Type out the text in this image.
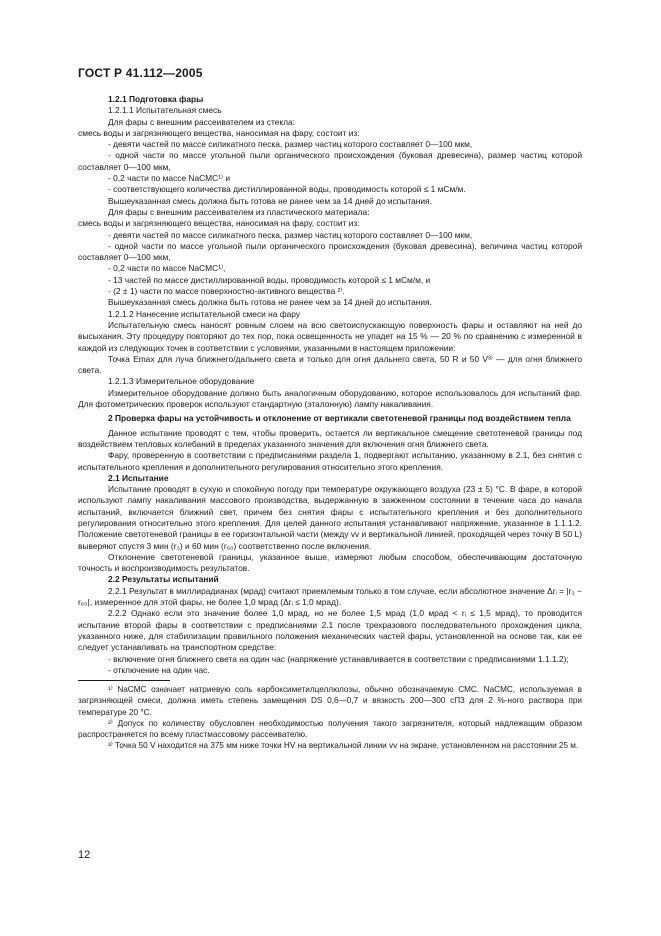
ГОСТ Р 41.112—2005

1.2.1 Подготовка фары

1.2.1.1 Испытательная смесь

Для фары с внешним рассеивателем из стекла:

смесь воды и загрязняющего вещества, наносимая на фару, состоит из:

- девяти частей по массе силикатного песка, размер частиц которого составляет 0—100 мкм,

- одной части по массе угольной пыли органического происхождения (буковая древесина), размер частиц которой составляет 0—100 мкм,

- 0,2 части по массе NaCMC¹⁾ и

- соответствующего количества дистиллированной воды, проводимость которой ≤ 1 мСм/м.

Вышеуказанная смесь должна быть готова не ранее чем за 14 дней до испытания.

Для фары с внешним рассеивателем из пластического материала:

смесь воды и загрязняющего вещества, наносимая на фару, состоит из:

- девяти частей по массе силикатного песка, размер частиц которого составляет 0—100 мкм,

- одной части по массе угольной пыли органического происхождения (буковая древесина), величина частиц которой составляет 0—100 мкм,

- 0,2 части по массе NaCMC¹⁾,

- 13 частей по массе дистиллированной воды, проводимость которой ≤ 1 мСм/м, и

- (2 ± 1) части по массе поверхностно-активного вещества ²⁾.

Вышеуказанная смесь должна быть готова не ранее чем за 14 дней до испытания.

1.2.1.2 Нанесение испытательной смеси на фару

Испытательную смесь наносят ровным слоем на всю светоиспускающую поверхность фары и оставляют на ней до высыхания. Эту процедуру повторяют до тех пор, пока освещенность не упадет на 15 % — 20 % по сравнению с измеренной в каждой из следующих точек в соответствии с условиями, указанными в настоящем приложении:

Точка Emax для луча ближнего/дальнего света и только для огня дальнего света, 50 R и 50 V³⁾ — для огня ближнего света.

1.2.1.3 Измерительное оборудование

Измерительное оборудование должно быть аналогичным оборудованию, которое использовалось для испытаний фар. Для фотометрических проверок используют стандартную (эталонную) лампу накаливания.

2 Проверка фары на устойчивость и отклонение от вертикали светотеневой границы под воздействием тепла

Данное испытание проводят с тем, чтобы проверить, остается ли вертикальное смещение светотеневой границы под воздействием тепловых колебаний в пределах указанного значения для включения огня ближнего света.

Фару, проверенную в соответствии с предписаниями раздела 1, подвергают испытанию, указанному в 2.1, без снятия с испытательного крепления и дополнительного регулирования относительно этого крепления.

2.1 Испытание

Испытание проводят в сухую и спокойную погоду при температуре окружающего воздуха (23 ± 5) °С. В фаре, в которой используют лампу накаливания массового производства, выдержанную в зажженном состоянии в течение часа до начала испытаний, включается ближний свет, причем без снятия фары с испытательного крепления и без дополнительного регулирования относительно этого крепления. Для целей данного испытания устанавливают напряжение, указанное в 1.1.1.2. Положение светотеневой границы в ее горизонтальной части (между vv и вертикальной линией, проходящей через точку B 50 L) выверяют спустя 3 мин (r₃) и 60 мин (r₆₀) соответственно после включения.

Отклонение светотеневой границы, указанное выше, измеряют любым способом, обеспечивающим достаточную точность и воспроизводимость результатов.

2.2 Результаты испытаний

2.2.1 Результат в миллирадианах (мрад) считают приемлемым только в том случае, если абсолютное значение Δrᵢ = |r₃ − r₆₀|, измеренное для этой фары, не более 1,0 мрад (Δrᵢ ≤ 1,0 мрад).

2.2.2 Однако если это значение более 1,0 мрад, но не более 1,5 мрад (1,0 мрад < rᵢ ≤ 1,5 мрад), то проводится испытание второй фары в соответствии с предписаниями 2.1 после трехразового последовательного прохождения цикла, указанного ниже, для стабилизации правильного положения механических частей фары, установленной на основе так, как ее следует устанавливать на транспортном средстве:

- включение огня ближнего света на один час (напряжение устанавливается в соответствии с предписаниями 1.1.1.2);

- отключение на один час.

¹⁾ NaCMC означает натриевую соль карбоксиметилцеллюлозы, обычно обозначаемую СМС. NaCMC, используемая в загрязняющей смеси, должна иметь степень замещения DS 0,6—0,7 и вязкость 200—300 сП3 для 2 %-ного раствора при температуре 20 °С.

²⁾ Допуск по количеству обусловлен необходимостью получения такого загрязнителя, который надлежащим образом распространяется по всему пластмассовому рассеивателю.

³⁾ Точка 50 V находится на 375 мм ниже точки HV на вертикальной линии vv на экране, установленном на расстоянии 25 м.

12
